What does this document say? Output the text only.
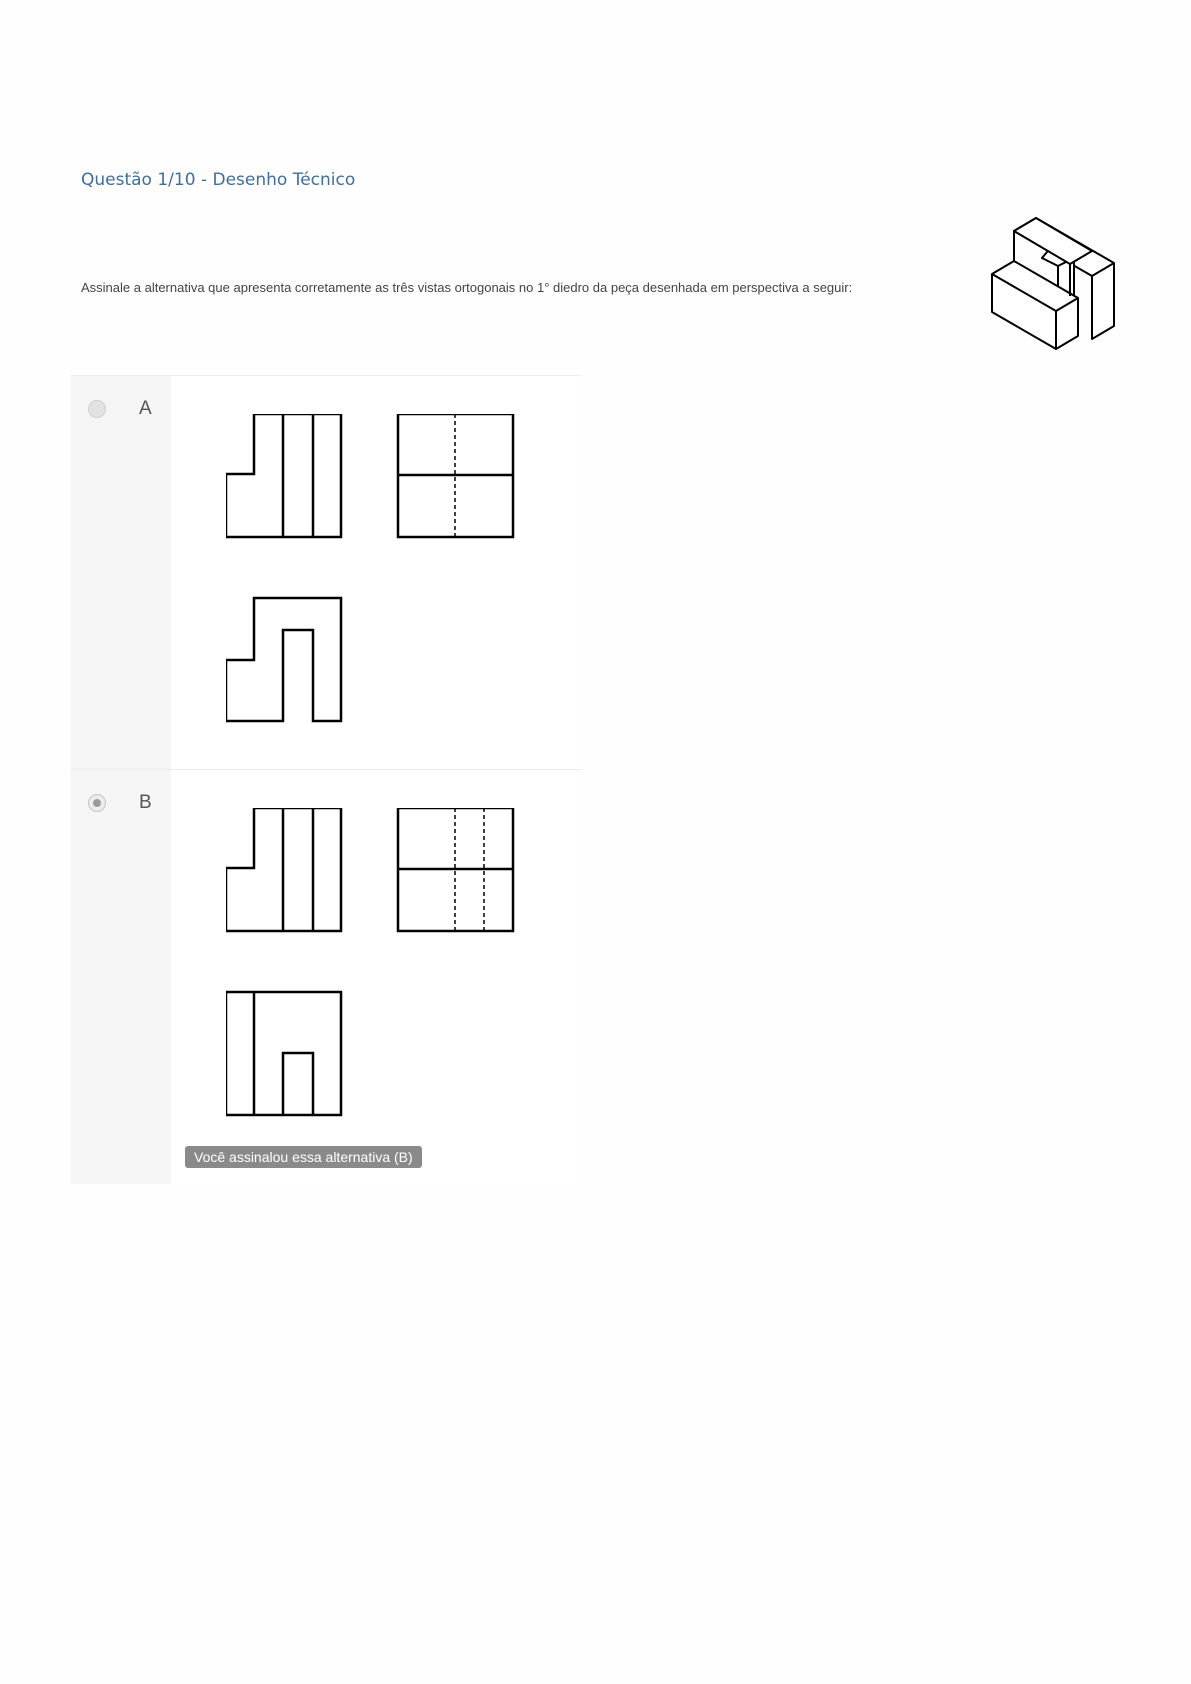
Questão 1/10 - Desenho Técnico
Assinale a alternativa que apresenta corretamente as três vistas ortogonais no 1° diedro da peça desenhada em perspectiva a seguir:
A
B
Você assinalou essa alternativa (B)
